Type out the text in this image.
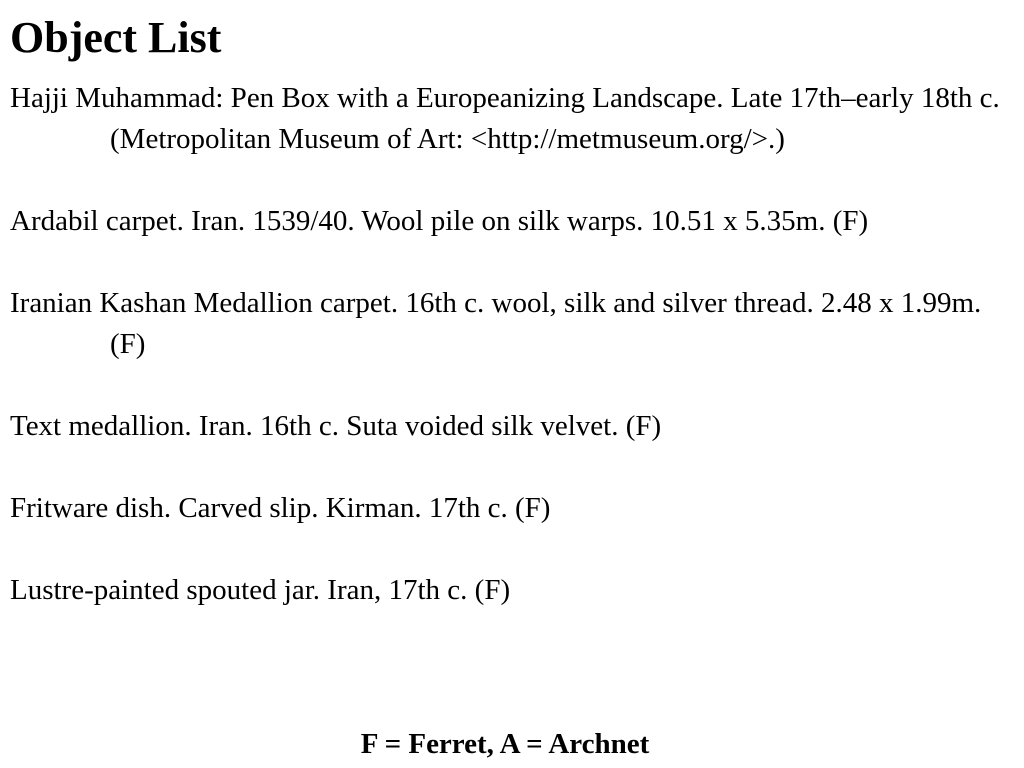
Object List
Hajji Muhammad: Pen Box with a Europeanizing Landscape. Late 17th–early 18th c. (Metropolitan Museum of Art: <http://metmuseum.org/>.)
Ardabil carpet. Iran. 1539/40. Wool pile on silk warps. 10.51 x 5.35m. (F)
Iranian Kashan Medallion carpet. 16th c. wool, silk and silver thread. 2.48 x 1.99m. (F)
Text medallion. Iran. 16th c. Suta voided silk velvet. (F)
Fritware dish. Carved slip. Kirman. 17th c. (F)
Lustre-painted spouted jar. Iran, 17th c. (F)

F = Ferret, A = Archnet
